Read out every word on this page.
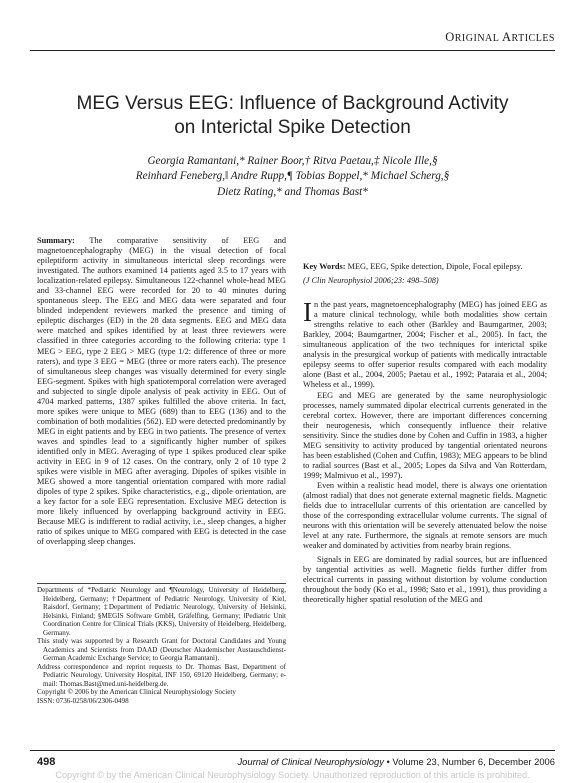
ORIGINAL ARTICLES
MEG Versus EEG: Influence of Background Activity
on Interictal Spike Detection
Georgia Ramantani,* Rainer Boor,† Ritva Paetau,‡ Nicole Ille,§
Reinhard Feneberg,‖ Andre Rupp,¶ Tobias Boppel,* Michael Scherg,§
Dietz Rating,* and Thomas Bast*

Summary: The comparative sensitivity of EEG and magnetoencephalography (MEG) in the visual detection of focal epileptiform activity in simultaneous interictal sleep recordings were investigated. The authors examined 14 patients aged 3.5 to 17 years with localization-related epilepsy. Simultaneous 122-channel whole-head MEG and 33-channel EEG were recorded for 20 to 40 minutes during spontaneous sleep. The EEG and MEG data were separated and four blinded independent reviewers marked the presence and timing of epileptic discharges (ED) in the 28 data segments. EEG and MEG data were matched and spikes identified by at least three reviewers were classified in three categories according to the following criteria: type 1 MEG > EEG, type 2 EEG > MEG (type 1/2: difference of three or more raters), and type 3 EEG = MEG (three or more raters each). The presence of simultaneous sleep changes was visually determined for every single EEG-segment. Spikes with high spatiotemporal correlation were averaged and subjected to single dipole analysis of peak activity in EEG. Out of 4704 marked patterns, 1387 spikes fulfilled the above criteria. In fact, more spikes were unique to MEG (689) than to EEG (136) and to the combination of both modalities (562). ED were detected predominantly by MEG in eight patients and by EEG in two patients. The presence of vertex waves and spindles lead to a significantly higher number of spikes identified only in MEG. Averaging of type 1 spikes produced clear spike activity in EEG in 9 of 12 cases. On the contrary, only 2 of 10 type 2 spikes were visible in MEG after averaging. Dipoles of spikes visible in MEG showed a more tangential orientation compared with more radial dipoles of type 2 spikes. Spike characteristics, e.g., dipole orientation, are a key factor for a sole EEG representation. Exclusive MEG detection is more likely influenced by overlapping background activity in EEG. Because MEG is indifferent to radial activity, i.e., sleep changes, a higher ratio of spikes unique to MEG compared with EEG is detected in the case of overlapping sleep changes.

Departments of *Pediatric Neurology and ¶Neurology, University of Heidelberg, Heidelberg, Germany; †Department of Pediatric Neurology, University of Kiel, Raisdorf, Germany; ‡Department of Pediatric Neurology, University of Helsinki, Helsinki, Finland; §MEGIS Software GmbH, Gräfelfing, Germany; ‖Pediatric Unit Coordination Centre for Clinical Trials (KKS), University of Heidelberg, Heidelberg, Germany.

This study was supported by a Research Grant for Doctoral Candidates and Young Academics and Scientists from DAAD (Deutscher Akademischer Austauschdienst-German Academic Exchange Service; to Georgia Ramantani).

Address correspondence and reprint requests to Dr. Thomas Bast, Department of Pediatric Neurology, University Hospital, INF 150, 69120 Heidelberg, Germany; e-mail: Thomas.Bast@med.uni-heidelberg.de.

Copyright © 2006 by the American Clinical Neurophysiology Society

ISSN: 0736-0258/06/2306-0498

Key Words: MEG, EEG, Spike detection, Dipole, Focal epilepsy.

(J Clin Neurophysiol 2006;23: 498–508)

In the past years, magnetoencephalography (MEG) has joined EEG as a mature clinical technology, while both modalities show certain strengths relative to each other (Barkley and Baumgartner, 2003; Barkley, 2004; Baumgartner, 2004; Fischer et al., 2005). In fact, the simultaneous application of the two techniques for interictal spike analysis in the presurgical workup of patients with medically intractable epilepsy seems to offer superior results compared with each modality alone (Bast et al., 2004, 2005; Paetau et al., 1992; Pataraia et al., 2004; Wheless et al., 1999).

EEG and MEG are generated by the same neurophysiologic processes, namely summated dipolar electrical currents generated in the cerebral cortex. However, there are important differences concerning their neurogenesis, which consequently influence their relative sensitivity. Since the studies done by Cohen and Cuffin in 1983, a higher MEG sensitivity to activity produced by tangential orientated neurons has been established (Cohen and Cuffin, 1983); MEG appears to be blind to radial sources (Bast et al., 2005; Lopes da Silva and Van Rotterdam, 1999; Malmivuo et al., 1997).

Even within a realistic head model, there is always one orientation (almost radial) that does not generate external magnetic fields. Magnetic fields due to intracellular currents of this orientation are cancelled by those of the corresponding extracellular volume currents. The signal of neurons with this orientation will be severely attenuated below the noise level at any rate. Furthermore, the signals at remote sensors are much weaker and dominated by activities from nearby brain regions.

Signals in EEG are dominated by radial sources, but are influenced by tangential activities as well. Magnetic fields further differ from electrical currents in passing without distortion by volume conduction throughout the body (Ko et al., 1998; Sato et al., 1991), thus providing a theoretically higher spatial resolution of the MEG and

498	Journal of Clinical Neurophysiology • Volume 23, Number 6, December 2006
Copyright © by the American Clinical Neurophysiology Society. Unauthorized reproduction of this article is prohibited.
